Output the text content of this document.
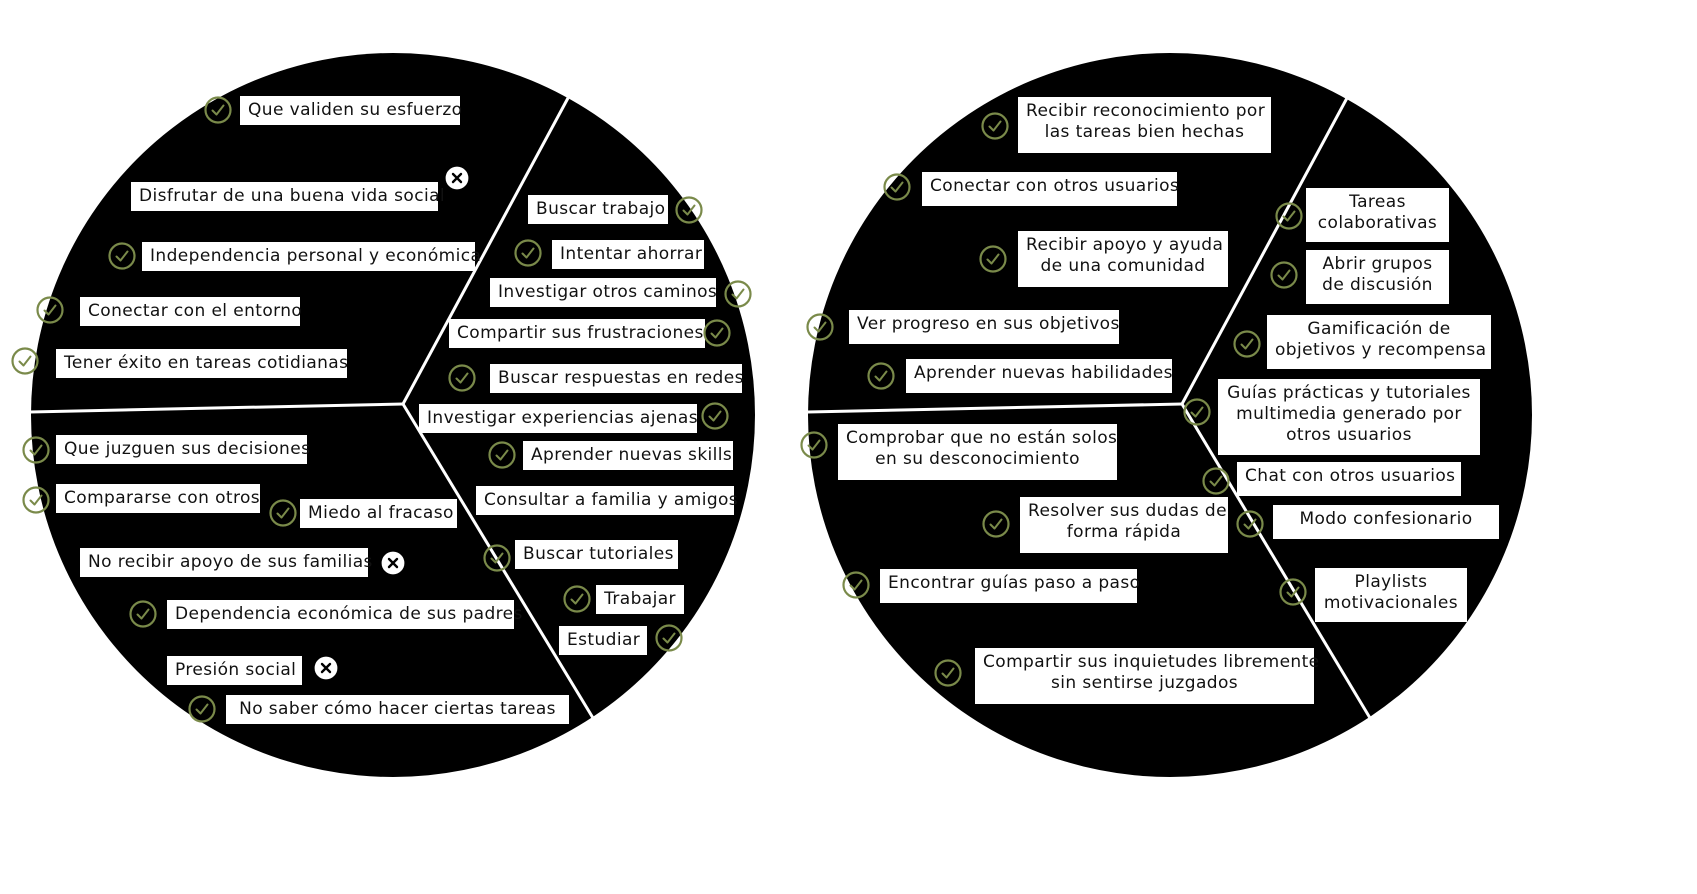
Que validen su esfuerzo
Disfrutar de una buena vida social
Independencia personal y económica
Conectar con el entorno
Tener éxito en tareas cotidianas
Buscar trabajo
Intentar ahorrar
Investigar otros caminos
Compartir sus frustraciones
Buscar respuestas en redes
Investigar experiencias ajenas
Aprender nuevas skills
Consultar a familia y amigos
Buscar tutoriales
Trabajar
Estudiar
Que juzguen sus decisiones
Compararse con otros
Miedo al fracaso
No recibir apoyo de sus familias
Dependencia económica de sus padres
Presión social
No saber cómo hacer ciertas tareas
Recibir reconocimiento por
las tareas bien hechas
Conectar con otros usuarios
Recibir apoyo y ayuda
de una comunidad
Ver progreso en sus objetivos
Aprender nuevas habilidades
Tareas
colaborativas
Abrir grupos
de discusión
Gamificación de
objetivos y recompensa
Guías prácticas y tutoriales
multimedia generado por
otros usuarios
Chat con otros usuarios
Modo confesionario
Playlists
motivacionales
Comprobar que no están solos
en su desconocimiento
Resolver sus dudas de
forma rápida
Encontrar guías paso a paso
Compartir sus inquietudes libremente
sin sentirse juzgados
